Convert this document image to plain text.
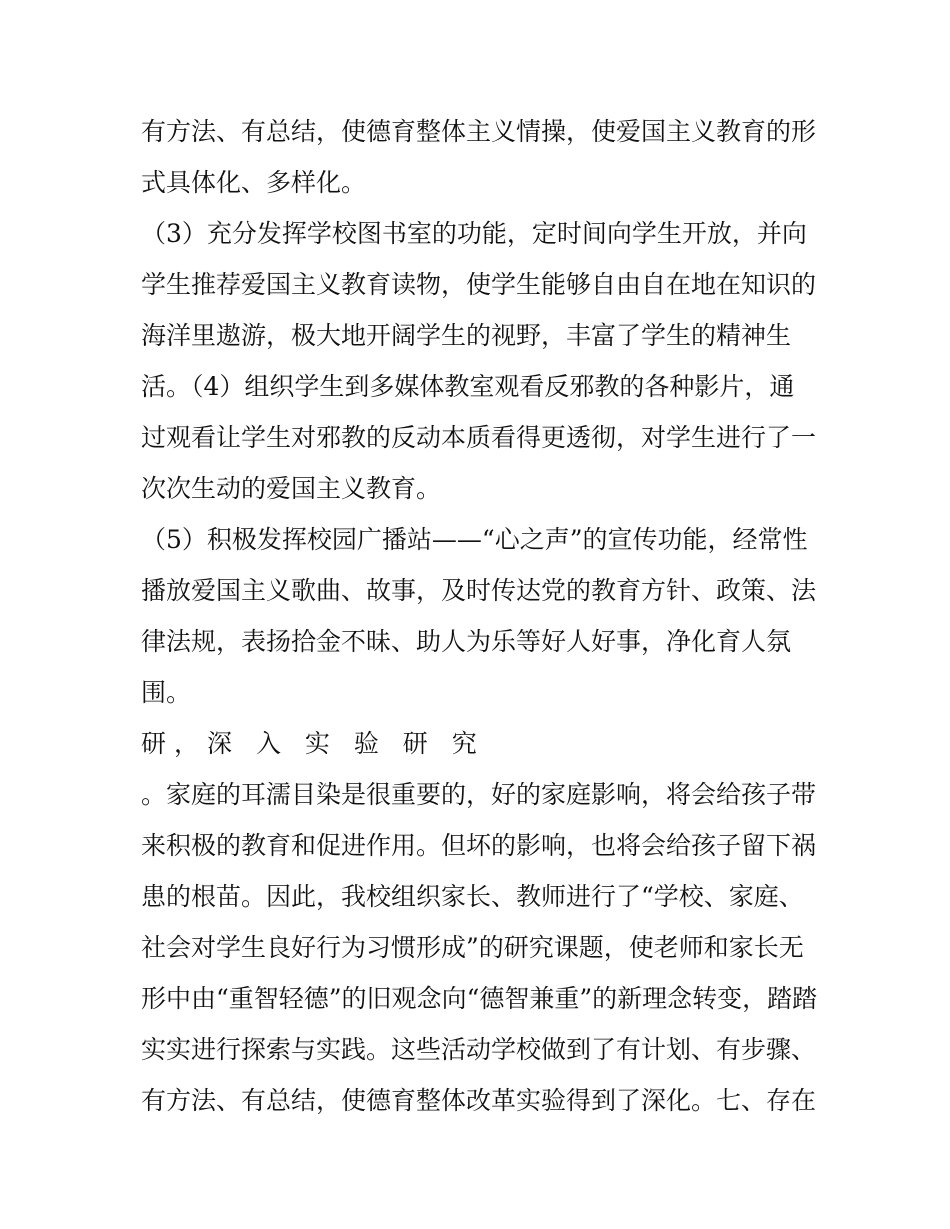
有方法、有总结，使德育整体主义情操，使爱国主义教育的形
式具体化、多样化。
（3）充分发挥学校图书室的功能，定时间向学生开放，并向
学生推荐爱国主义教育读物，使学生能够自由自在地在知识的
海洋里遨游，极大地开阔学生的视野，丰富了学生的精神生
活。（4）组织学生到多媒体教室观看反邪教的各种影片，通
过观看让学生对邪教的反动本质看得更透彻，对学生进行了一
次次生动的爱国主义教育。
（5）积极发挥校园广播站——“心之声”的宣传功能，经常性
播放爱国主义歌曲、故事，及时传达党的教育方针、政策、法
律法规，表扬拾金不昧、助人为乐等好人好事，净化育人氛
围。
研，深 入 实 验 研 究
。家庭的耳濡目染是很重要的，好的家庭影响，将会给孩子带
来积极的教育和促进作用。但坏的影响，也将会给孩子留下祸
患的根苗。因此，我校组织家长、教师进行了“学校、家庭、
社会对学生良好行为习惯形成”的研究课题，使老师和家长无
形中由“重智轻德”的旧观念向“德智兼重”的新理念转变，踏踏
实实进行探索与实践。这些活动学校做到了有计划、有步骤、
有方法、有总结，使德育整体改革实验得到了深化。七、存在
